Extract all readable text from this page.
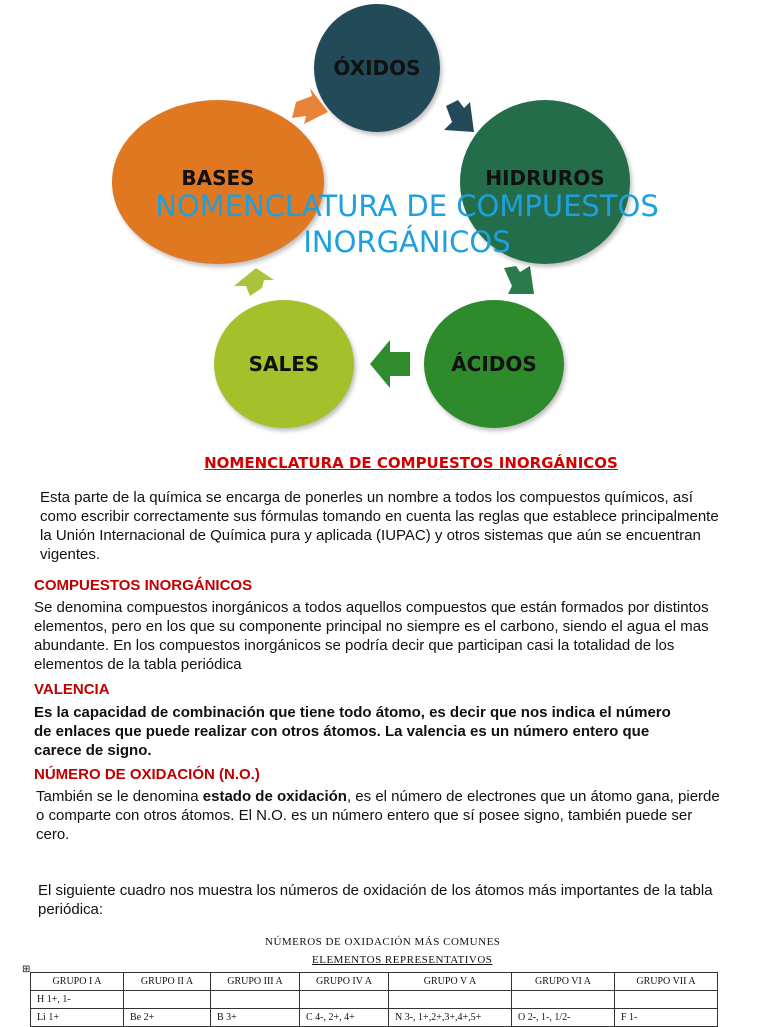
ÓXIDOS
HIDRUROS
ÁCIDOS
SALES
BASES
NOMENCLATURA DE COMPUESTOS INORGÁNICOS
NOMENCLATURA DE COMPUESTOS INORGÁNICOS
Esta parte de la química se encarga de ponerles un nombre a todos los compuestos químicos, así como escribir correctamente sus fórmulas tomando en cuenta las reglas que establece principalmente la Unión Internacional de Química pura y aplicada (IUPAC) y otros sistemas que aún se encuentran vigentes.
COMPUESTOS INORGÁNICOS
Se denomina compuestos inorgánicos a todos aquellos compuestos que están formados por distintos elementos, pero en los que su componente principal no siempre es el carbono, siendo el agua el mas abundante. En los compuestos inorgánicos se podría decir que participan casi la totalidad de los elementos de la tabla periódica
VALENCIA
Es la capacidad de combinación que tiene todo átomo, es decir que nos indica el número de enlaces que puede realizar con otros átomos. La valencia es un número entero que carece de signo.
NÚMERO DE OXIDACIÓN (N.O.)
También se le denomina estado de oxidación, es el número de electrones que un átomo gana, pierde o comparte con otros átomos. El N.O. es un número entero que sí posee signo, también puede ser cero.
El siguiente cuadro nos muestra los números de oxidación de los átomos más importantes de la tabla periódica:
NÚMEROS DE OXIDACIÓN MÁS COMUNES
ELEMENTOS REPRESENTATIVOS
⊞
GRUPO I A	GRUPO II A	GRUPO III A	GRUPO IV A	GRUPO V A	GRUPO VI A	GRUPO VII A
H 1+, 1-						
Li 1+	Be 2+	B 3+	C 4-, 2+, 4+	N 3-, 1+,2+,3+,4+,5+	O 2-, 1-, 1/2-	F 1-
